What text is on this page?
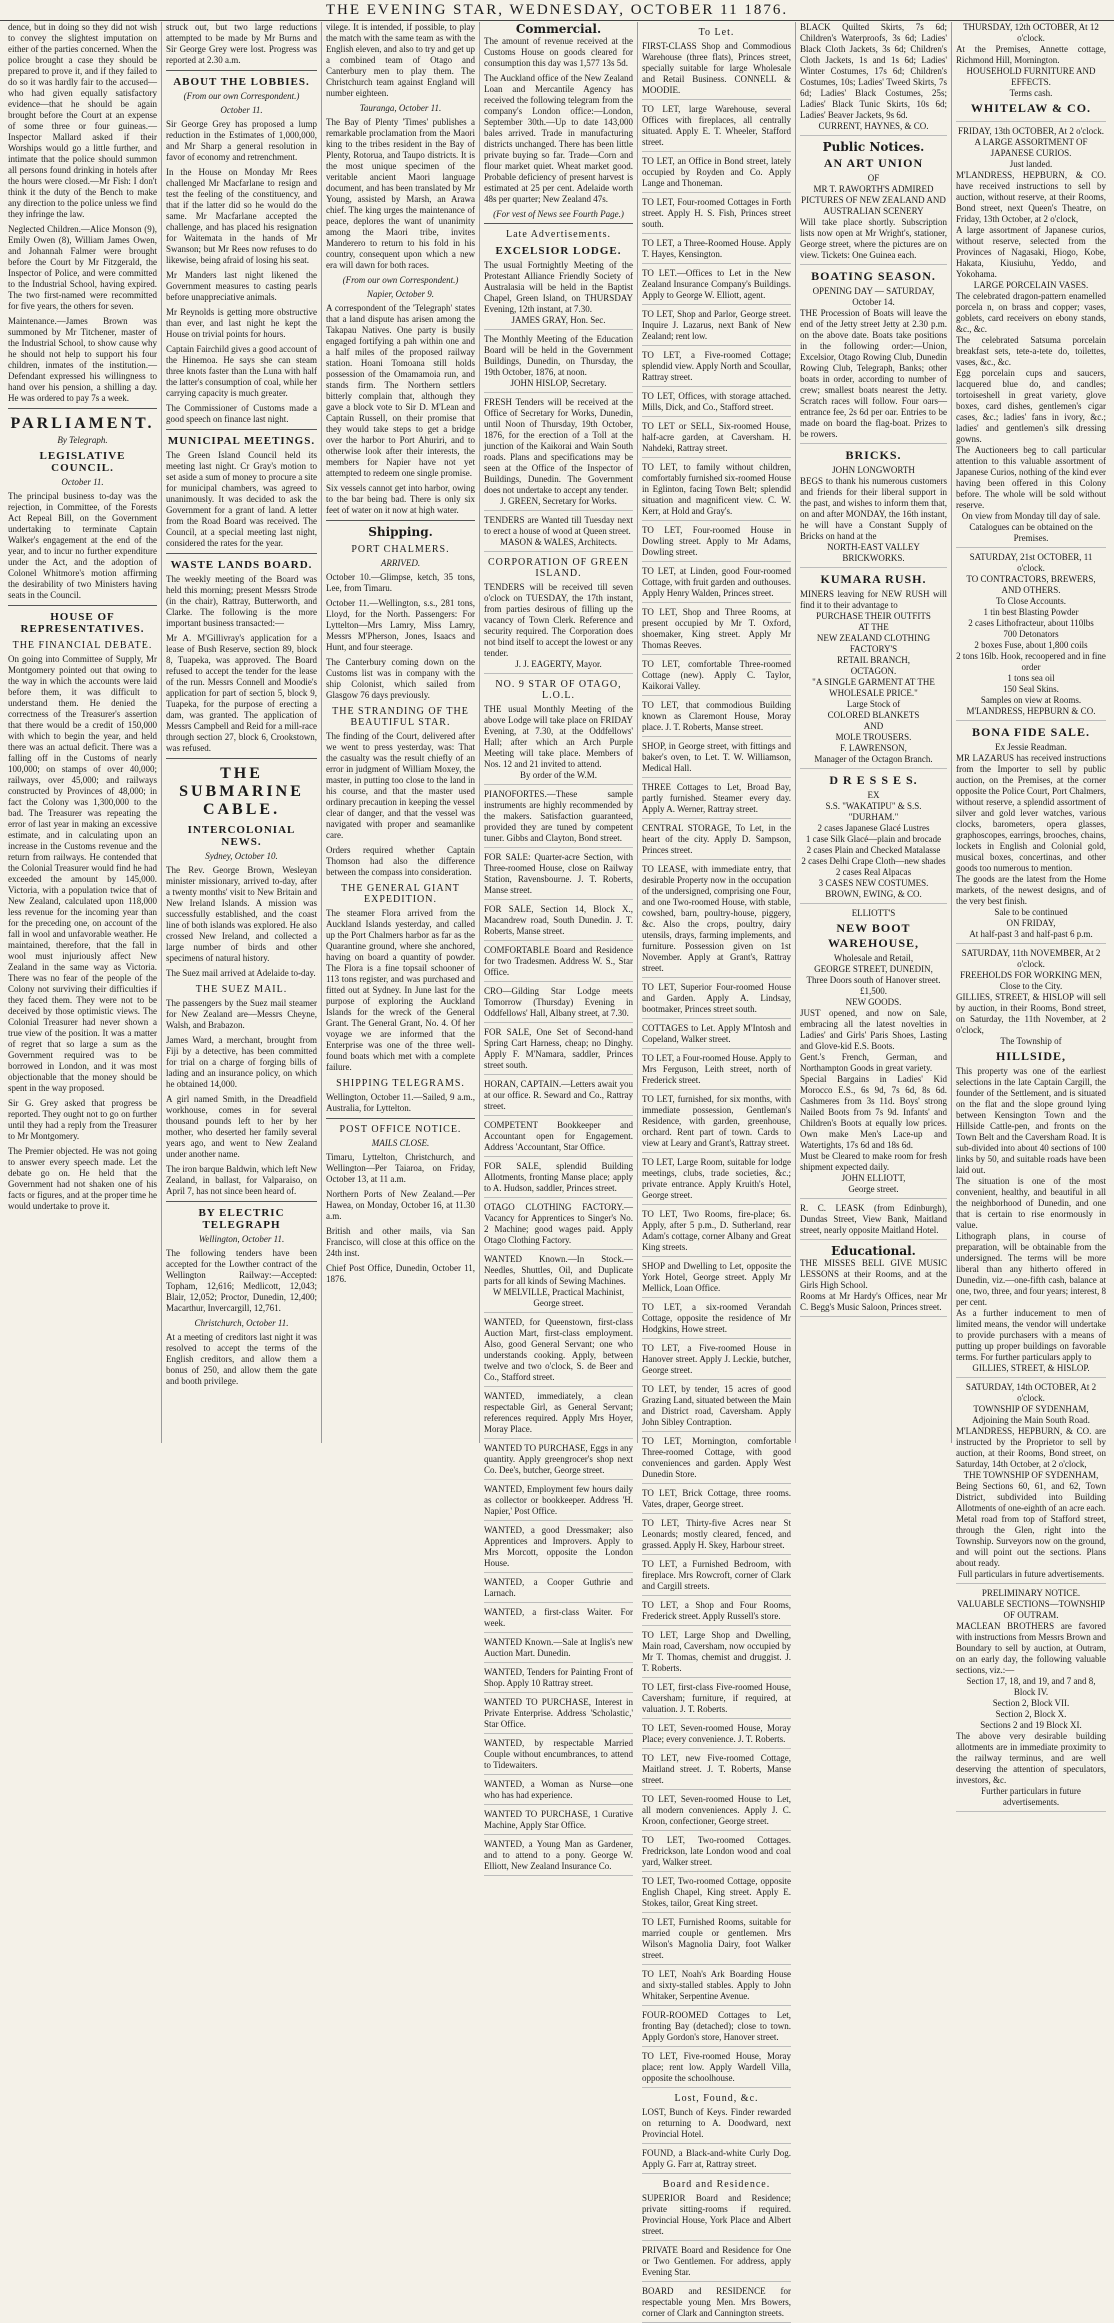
THE EVENING STAR, WEDNESDAY, OCTOBER 11 1876.

dence, but in doing so they did not wish to convey the slightest imputation on either of the parties concerned. When the police brought a case they should be prepared to prove it, and if they failed to do so it was hardly fair to the accused—who had given equally satisfactory evidence—that he should be again brought before the Court at an expense of some three or four guineas.—Inspector Mallard asked if their Worships would go a little further, and intimate that the police should summon all persons found drinking in hotels after the hours were closed.—Mr Fish: I don't think it the duty of the Bench to make any direction to the police unless we find they infringe the law.

Neglected Children.—Alice Monson (9), Emily Owen (8), William James Owen, and Johannah Falmer were brought before the Court by Mr Fitzgerald, the Inspector of Police, and were committed to the Industrial School, having expired. The two first-named were recommitted for five years, the others for seven.

Maintenance.—James Brown was summoned by Mr Titchener, master of the Industrial School, to show cause why he should not help to support his four children, inmates of the institution.—Defendant expressed his willingness to hand over his pension, a shilling a day. He was ordered to pay 7s a week.

PARLIAMENT.
By Telegraph.
LEGISLATIVE COUNCIL.
October 11.

The principal business to-day was the rejection, in Committee, of the Forests Act Repeal Bill, on the Government undertaking to terminate Captain Walker's engagement at the end of the year, and to incur no further expenditure under the Act, and the adoption of Colonel Whitmore's motion affirming the desirability of two Ministers having seats in the Council.

HOUSE OF REPRESENTATIVES.
THE FINANCIAL DEBATE.

On going into Committee of Supply, Mr Montgomery pointed out that owing to the way in which the accounts were laid before them, it was difficult to understand them. He denied the correctness of the Treasurer's assertion that there would be a credit of 150,000 with which to begin the year, and held there was an actual deficit. There was a falling off in the Customs of nearly 100,000; on stamps of over 40,000; railways, over 45,000; and railways constructed by Provinces of 48,000; in fact the Colony was 1,300,000 to the bad. The Treasurer was repeating the error of last year in making an excessive estimate, and in calculating upon an increase in the Customs revenue and the return from railways. He contended that the Colonial Treasurer would find he had exceeded the amount by 145,000. Victoria, with a population twice that of New Zealand, calculated upon 118,000 less revenue for the incoming year than for the preceding one, on account of the fall in wool and unfavorable weather. He maintained, therefore, that the fall in wool must injuriously affect New Zealand in the same way as Victoria. There was no fear of the people of the Colony not surviving their difficulties if they faced them. They were not to be deceived by those optimistic views. The Colonial Treasurer had never shown a true view of the position. It was a matter of regret that so large a sum as the Government required was to be borrowed in London, and it was most objectionable that the money should be spent in the way proposed.

Sir G. Grey asked that progress be reported. They ought not to go on further until they had a reply from the Treasurer to Mr Montgomery.

The Premier objected. He was not going to answer every speech made. Let the debate go on. He held that the Government had not shaken one of his facts or figures, and at the proper time he would undertake to prove it.

struck out, but two large reductions attempted to be made by Mr Burns and Sir George Grey were lost. Progress was reported at 2.30 a.m.

ABOUT THE LOBBIES.
(From our own Correspondent.)
October 11.

Sir George Grey has proposed a lump reduction in the Estimates of 1,000,000, and Mr Sharp a general resolution in favor of economy and retrenchment.

In the House on Monday Mr Rees challenged Mr Macfarlane to resign and test the feeling of the constituency, and that if the latter did so he would do the same. Mr Macfarlane accepted the challenge, and has placed his resignation for Waitemata in the hands of Mr Swanson; but Mr Rees now refuses to do likewise, being afraid of losing his seat.

Mr Manders last night likened the Government measures to casting pearls before unappreciative animals.

Mr Reynolds is getting more obstructive than ever, and last night he kept the House on trivial points for hours.

Captain Fairchild gives a good account of the Hinemoa. He says she can steam three knots faster than the Luna with half the latter's consumption of coal, while her carrying capacity is much greater.

The Commissioner of Customs made a good speech on finance last night.

MUNICIPAL MEETINGS.

The Green Island Council held its meeting last night. Cr Gray's motion to set aside a sum of money to procure a site for municipal chambers, was agreed to unanimously. It was decided to ask the Government for a grant of land. A letter from the Road Board was received. The Council, at a special meeting last night, considered the rates for the year.

WASTE LANDS BOARD.

The weekly meeting of the Board was held this morning; present Messrs Strode (in the chair), Rattray, Butterworth, and Clarke. The following is the more important business transacted:—

Mr A. M'Gillivray's application for a lease of Bush Reserve, section 89, block 8, Tuapeka, was approved. The Board refused to accept the tender for the lease of the run. Messrs Connell and Moodie's application for part of section 5, block 9, Tuapeka, for the purpose of erecting a dam, was granted. The application of Messrs Campbell and Reid for a mill-race through section 27, block 6, Crookstown, was refused.

THE SUBMARINE CABLE.
INTERCOLONIAL NEWS.
Sydney, October 10.

The Rev. George Brown, Wesleyan minister missionary, arrived to-day, after a twenty months' visit to New Britain and New Ireland Islands. A mission was successfully established, and the coast line of both islands was explored. He also crossed New Ireland, and collected a large number of birds and other specimens of natural history.

The Suez mail arrived at Adelaide to-day.

THE SUEZ MAIL.

The passengers by the Suez mail steamer for New Zealand are—Messrs Cheyne, Walsh, and Brabazon.

James Ward, a merchant, brought from Fiji by a detective, has been committed for trial on a charge of forging bills of lading and an insurance policy, on which he obtained 14,000.

A girl named Smith, in the Dreadfield workhouse, comes in for several thousand pounds left to her by her mother, who deserted her family several years ago, and went to New Zealand under another name.

The iron barque Baldwin, which left New Zealand, in ballast, for Valparaiso, on April 7, has not since been heard of.

BY ELECTRIC TELEGRAPH
Wellington, October 11.

The following tenders have been accepted for the Lowther contract of the Wellington Railway:—Accepted: Topham, 12,616; Medlicott, 12,043; Blair, 12,052; Proctor, Dunedin, 12,400; Macarthur, Invercargill, 12,761.

Christchurch, October 11.

At a meeting of creditors last night it was resolved to accept the terms of the English creditors, and allow them a bonus of 250, and allow them the gate and booth privilege.

vilege. It is intended, if possible, to play the match with the same team as with the English eleven, and also to try and get up a combined team of Otago and Canterbury men to play them. The Christchurch team against England will number eighteen.

Tauranga, October 11.

The Bay of Plenty 'Times' publishes a remarkable proclamation from the Maori king to the tribes resident in the Bay of Plenty, Rotorua, and Taupo districts. It is the most unique specimen of the veritable ancient Maori language document, and has been translated by Mr Young, assisted by Marsh, an Arawa chief. The king urges the maintenance of peace, deplores the want of unanimity among the Maori tribe, invites Manderero to return to his fold in his country, consequent upon which a new era will dawn for both races.

(From our own Correspondent.)
Napier, October 9.

A correspondent of the 'Telegraph' states that a land dispute has arisen among the Takapau Natives. One party is busily engaged fortifying a pah within one and a half miles of the proposed railway station. Hoani Tomoana still holds possession of the Omamamoia run, and stands firm. The Northern settlers bitterly complain that, although they gave a block vote to Sir D. M'Lean and Captain Russell, on their promise that they would take steps to get a bridge over the harbor to Port Ahuriri, and to otherwise look after their interests, the members for Napier have not yet attempted to redeem one single promise.

Six vessels cannot get into harbor, owing to the bar being bad. There is only six feet of water on it now at high water.

Shipping.
PORT CHALMERS.
ARRIVED.

October 10.—Glimpse, ketch, 35 tons, Lee, from Timaru.

October 11.—Wellington, s.s., 281 tons, Lloyd, for the North. Passengers: For Lyttelton—Mrs Lamry, Miss Lamry, Messrs M'Pherson, Jones, Isaacs and Hunt, and four steerage.

The Canterbury coming down on the Customs list was in company with the ship Colonist, which sailed from Glasgow 76 days previously.

THE STRANDING OF THE BEAUTIFUL STAR.

The finding of the Court, delivered after we went to press yesterday, was: That the casualty was the result chiefly of an error in judgment of William Moxey, the master, in putting too close to the land in his course, and that the master used ordinary precaution in keeping the vessel clear of danger, and that the vessel was navigated with proper and seamanlike care.

Orders required whether Captain Thomson had also the difference between the compass into consideration.

THE GENERAL GIANT EXPEDITION.

The steamer Flora arrived from the Auckland Islands yesterday, and called up the Port Chalmers harbor as far as the Quarantine ground, where she anchored, having on board a quantity of powder. The Flora is a fine topsail schooner of 113 tons register, and was purchased and fitted out at Sydney. In June last for the purpose of exploring the Auckland Islands for the wreck of the General Grant. The General Grant, No. 4. Of her voyage we are informed that the Enterprise was one of the three well-found boats which met with a complete failure.

SHIPPING TELEGRAMS.

Wellington, October 11.—Sailed, 9 a.m., Australia, for Lyttelton.

POST OFFICE NOTICE.
MAILS CLOSE.

Timaru, Lyttelton, Christchurch, and Wellington—Per Taiaroa, on Friday, October 13, at 11 a.m.

Northern Ports of New Zealand.—Per Hawea, on Monday, October 16, at 11.30 a.m.

British and other mails, via San Francisco, will close at this office on the 24th inst.

Chief Post Office, Dunedin, October 11, 1876.

Commercial.

The amount of revenue received at the Customs House on goods cleared for consumption this day was 1,577 13s 5d.

The Auckland office of the New Zealand Loan and Mercantile Agency has received the following telegram from the company's London office:—London, September 30th.—Up to date 143,000 bales arrived. Trade in manufacturing districts unchanged. There has been little private buying so far. Trade—Corn and flour market quiet. Wheat market good. Probable deficiency of present harvest is estimated at 25 per cent. Adelaide worth 48s per quarter; New Zealand 47s.

(For vest of News see Fourth Page.)
Late Advertisements.
EXCELSIOR LODGE.
The usual Fortnightly Meeting of the Protestant Alliance Friendly Society of Australasia will be held in the Baptist Chapel, Green Island, on THURSDAY Evening, 12th instant, at 7.30.
JAMES GRAY, Hon. Sec.
The Monthly Meeting of the Education Board will be held in the Government Buildings, Dunedin, on Thursday, the 19th October, 1876, at noon.
JOHN HISLOP, Secretary.
FRESH Tenders will be received at the Office of Secretary for Works, Dunedin, until Noon of Thursday, 19th October, 1876, for the erection of a Toll at the junction of the Kaikorai and Wain South roads. Plans and specifications may be seen at the Office of the Inspector of Buildings, Dunedin. The Government does not undertake to accept any tender.
J. GREEN, Secretary for Works.
TENDERS are Wanted till Tuesday next to erect a house of wood at Queen street.
MASON & WALES, Architects.
CORPORATION OF GREEN ISLAND.
TENDERS will be received till seven o'clock on TUESDAY, the 17th instant, from parties desirous of filling up the vacancy of Town Clerk. Reference and security required. The Corporation does not bind itself to accept the lowest or any tender.
J. J. EAGERTY, Mayor.
NO. 9 STAR OF OTAGO, L.O.L.
THE usual Monthly Meeting of the above Lodge will take place on FRIDAY Evening, at 7.30, at the Oddfellows' Hall; after which an Arch Purple Meeting will take place. Members of Nos. 12 and 21 invited to attend.
By order of the W.M.
PIANOFORTES.—These sample instruments are highly recommended by the makers. Satisfaction guaranteed, provided they are tuned by competent tuner. Gibbs and Clayton, Bond street.
FOR SALE: Quarter-acre Section, with Three-roomed House, close on Railway Station, Ravensbourne. J. T. Roberts, Manse street.
FOR SALE, Section 14, Block X., Macandrew road, South Dunedin. J. T. Roberts, Manse street.
COMFORTABLE Board and Residence for two Tradesmen. Address W. S., Star Office.
CRO—Gilding Star Lodge meets Tomorrow (Thursday) Evening in Oddfellows' Hall, Albany street, at 7.30.
FOR SALE, One Set of Second-hand Spring Cart Harness, cheap; no Dinghy. Apply F. M'Namara, saddler, Princes street south.
HORAN, CAPTAIN.—Letters await you at our office. R. Seward and Co., Rattray street.
COMPETENT Bookkeeper and Accountant open for Engagement. Address 'Accountant, Star Office.
FOR SALE, splendid Building Allotments, fronting Manse place; apply to A. Hudson, saddler, Princes street.
OTAGO CLOTHING FACTORY.—Vacancy for Apprentices to Singer's No. 2 Machine; good wages paid. Apply Otago Clothing Factory.
WANTED Known.—In Stock.—Needles, Shuttles, Oil, and Duplicate parts for all kinds of Sewing Machines.
W MELVILLE, Practical Machinist, George street.
WANTED, for Queenstown, first-class Auction Mart, first-class employment. Also, good General Servant; one who understands cooking. Apply, between twelve and two o'clock, S. de Beer and Co., Stafford street.
WANTED, immediately, a clean respectable Girl, as General Servant; references required. Apply Mrs Hoyer, Moray Place.
WANTED TO PURCHASE, Eggs in any quantity. Apply greengrocer's shop next Co. Dee's, butcher, George street.
WANTED, Employment few hours daily as collector or bookkeeper. Address 'H. Napier,' Post Office.
WANTED, a good Dressmaker; also Apprentices and Improvers. Apply to Mrs Morcott, opposite the London House.
WANTED, a Cooper Guthrie and Larnach.
WANTED, a first-class Waiter. For week.
WANTED Known.—Sale at Inglis's new Auction Mart. Dunedin.
WANTED, Tenders for Painting Front of Shop. Apply 10 Rattray street.
WANTED TO PURCHASE, Interest in Private Enterprise. Address 'Scholastic,' Star Office.
WANTED, by respectable Married Couple without encumbrances, to attend to Tidewaiters.
WANTED, a Woman as Nurse—one who has had experience.
WANTED TO PURCHASE, 1 Curative Machine, Apply Star Office.
WANTED, a Young Man as Gardener, and to attend to a pony. George W. Elliott, New Zealand Insurance Co.
To Let.
FIRST-CLASS Shop and Commodious Warehouse (three flats), Princes street, specially suitable for large Wholesale and Retail Business. CONNELL & MOODIE.
TO LET, large Warehouse, several Offices with fireplaces, all centrally situated. Apply E. T. Wheeler, Stafford street.
TO LET, an Office in Bond street, lately occupied by Royden and Co. Apply Lange and Thoneman.
TO LET, Four-roomed Cottages in Forth street. Apply H. S. Fish, Princes street south.
TO LET, a Three-Roomed House. Apply T. Hayes, Kensington.
TO LET.—Offices to Let in the New Zealand Insurance Company's Buildings. Apply to George W. Elliott, agent.
TO LET, Shop and Parlor, George street. Inquire J. Lazarus, next Bank of New Zealand; rent low.
TO LET, a Five-roomed Cottage; splendid view. Apply North and Scoullar, Rattray street.
TO LET, Offices, with storage attached. Mills, Dick, and Co., Stafford street.
TO LET or SELL, Six-roomed House, half-acre garden, at Caversham. H. Nahdeki, Rattray street.
TO LET, to family without children, comfortably furnished six-roomed House in Eglinton, facing Town Belt; splendid situation and magnificent view. C. W. Kerr, at Hold and Gray's.
TO LET, Four-roomed House in Dowling street. Apply to Mr Adams, Dowling street.
TO LET, at Linden, good Four-roomed Cottage, with fruit garden and outhouses. Apply Henry Walden, Princes street.
TO LET, Shop and Three Rooms, at present occupied by Mr T. Oxford, shoemaker, King street. Apply Mr Thomas Reeves.
TO LET, comfortable Three-roomed Cottage (new). Apply C. Taylor, Kaikorai Valley.
TO LET, that commodious Building known as Claremont House, Moray place. J. T. Roberts, Manse street.
SHOP, in George street, with fittings and baker's oven, to Let. T. W. Williamson, Medical Hall.
THREE Cottages to Let, Broad Bay, partly furnished. Steamer every day. Apply A. Werner, Rattray street.
CENTRAL STORAGE, To Let, in the heart of the city. Apply D. Sampson, Princes street.
TO LEASE, with immediate entry, that desirable Property now in the occupation of the undersigned, comprising one Four, and one Two-roomed House, with stable, cowshed, barn, poultry-house, piggery, &c. Also the crops, poultry, dairy utensils, drays, farming implements, and furniture. Possession given on 1st November. Apply at Grant's, Rattray street.
TO LET, Superior Four-roomed House and Garden. Apply A. Lindsay, bootmaker, Princes street south.
COTTAGES to Let. Apply M'Intosh and Copeland, Walker street.
TO LET, a Four-roomed House. Apply to Mrs Ferguson, Leith street, north of Frederick street.
TO LET, furnished, for six months, with immediate possession, Gentleman's Residence, with garden, greenhouse, orchard. Rent part of town. Cards to view at Leary and Grant's, Rattray street.
TO LET, Large Room, suitable for lodge meetings, clubs, trade societies, &c.; private entrance. Apply Kruith's Hotel, George street.
TO LET, Two Rooms, fire-place; 6s. Apply, after 5 p.m., D. Sutherland, rear Adam's cottage, corner Albany and Great King streets.
SHOP and Dwelling to Let, opposite the York Hotel, George street. Apply Mr Mellick, Loan Office.
TO LET, a six-roomed Verandah Cottage, opposite the residence of Mr Hodgkins, Howe street.
TO LET, a Five-roomed House in Hanover street. Apply J. Leckie, butcher, George street.
TO LET, by tender, 15 acres of good Grazing Land, situated between the Main and District road, Caversham. Apply John Sibley Contraption.
TO LET, Mornington, comfortable Three-roomed Cottage, with good conveniences and garden. Apply West Dunedin Store.
TO LET, Brick Cottage, three rooms. Vates, draper, George street.
TO LET, Thirty-five Acres near St Leonards; mostly cleared, fenced, and grassed. Apply H. Skey, Harbour street.
TO LET, a Furnished Bedroom, with fireplace. Mrs Rowcroft, corner of Clark and Cargill streets.
TO LET, a Shop and Four Rooms, Frederick street. Apply Russell's store.
TO LET, Large Shop and Dwelling, Main road, Caversham, now occupied by Mr T. Thomas, chemist and druggist. J. T. Roberts.
TO LET, first-class Five-roomed House, Caversham; furniture, if required, at valuation. J. T. Roberts.
TO LET, Seven-roomed House, Moray Place; every convenience. J. T. Roberts.
TO LET, new Five-roomed Cottage, Maitland street. J. T. Roberts, Manse street.
TO LET, Seven-roomed House to Let, all modern conveniences. Apply J. C. Kroon, confectioner, George street.
TO LET, Two-roomed Cottages. Fredrickson, late London wood and coal yard, Walker street.
TO LET, Two-roomed Cottage, opposite English Chapel, King street. Apply E. Stokes, tailor, Great King street.
TO LET, Furnished Rooms, suitable for married couple or gentlemen. Mrs Wilson's Magnolia Dairy, foot Walker street.
TO LET, Noah's Ark Boarding House and sixty-stalled stables. Apply to John Whitaker, Serpentine Avenue.
FOUR-ROOMED Cottages to Let, fronting Bay (detached); close to town. Apply Gordon's store, Hanover street.
TO LET, Five-roomed House, Moray place; rent low. Apply Wardell Villa, opposite the schoolhouse.
Lost, Found, &c.
LOST, Bunch of Keys. Finder rewarded on returning to A. Doodward, next Provincial Hotel.
FOUND, a Black-and-white Curly Dog. Apply G. Farr at, Rattray street.
Board and Residence.
SUPERIOR Board and Residence; private sitting-rooms if required. Provincial House, York Place and Albert street.
PRIVATE Board and Residence for One or Two Gentlemen. For address, apply Evening Star.
BOARD and RESIDENCE for respectable young Men. Mrs Bowers, corner of Clark and Cannington streets.
BLACK Quilted Skirts, 7s 6d; Children's Waterproofs, 3s 6d; Ladies' Black Cloth Jackets, 3s 6d; Children's Cloth Jackets, 1s and 1s 6d; Ladies' Winter Costumes, 17s 6d; Children's Costumes, 10s; Ladies' Tweed Skirts, 7s 6d; Ladies' Black Costumes, 25s; Ladies' Black Tunic Skirts, 10s 6d; Ladies' Beaver Jackets, 9s 6d.
CURRENT, HAYNES, & CO.
Public Notices.
AN ART UNION
OF
MR T. RAWORTH'S ADMIRED PICTURES OF NEW ZEALAND AND AUSTRALIAN SCENERY
Will take place shortly. Subscription lists now open at Mr Wright's, stationer, George street, where the pictures are on view. Tickets: One Guinea each.
BOATING SEASON.
OPENING DAY — SATURDAY, October 14.
THE Procession of Boats will leave the end of the Jetty street Jetty at 2.30 p.m. on the above date. Boats take positions in the following order:—Union, Excelsior, Otago Rowing Club, Dunedin Rowing Club, Telegraph, Banks; other boats in order, according to number of crew; smallest boats nearest the Jetty. Scratch races will follow. Four oars—entrance fee, 2s 6d per oar. Entries to be made on board the flag-boat. Prizes to be rowers.
BRICKS.
JOHN LONGWORTH
BEGS to thank his numerous customers and friends for their liberal support in the past, and wishes to inform them that, on and after MONDAY, the 16th instant, he will have a Constant Supply of Bricks on hand at the
NORTH-EAST VALLEY BRICKWORKS.
KUMARA RUSH.
MINERS leaving for NEW RUSH will find it to their advantage to
PURCHASE THEIR OUTFITS
AT THE
NEW ZEALAND CLOTHING FACTORY'S
RETAIL BRANCH,
OCTAGON.
"A SINGLE GARMENT AT THE WHOLESALE PRICE."
Large Stock of
COLORED BLANKETS
AND
MOLE TROUSERS.
F. LAWRENSON,
Manager of the Octagon Branch.
D R E S S E S.
EX
S.S. "WAKATIPU" & S.S. "DURHAM."
2 cases Japanese Glacé Lustres
1 case Silk Glacé—plain and brocade
2 cases Plain and Checked Matalasse
2 cases Delhi Crape Cloth—new shades
2 cases Real Alpacas
3 CASES NEW COSTUMES.
BROWN, EWING, & CO.
ELLIOTT'S
NEW BOOT WAREHOUSE,
Wholesale and Retail,
GEORGE STREET, DUNEDIN,
Three Doors south of Hanover street.
£1,500.
NEW GOODS.
JUST opened, and now on Sale, embracing all the latest novelties in Ladies' and Girls' Paris Shoes, Lasting and Glove-kid E.S. Boots.
Gent.'s French, German, and Northampton Goods in great variety.
Special Bargains in Ladies' Kid Morocco E.S., 6s 9d, 7s 6d, 8s 6d. Cashmeres from 3s 11d. Boys' strong Nailed Boots from 7s 9d. Infants' and Children's Boots at equally low prices. Own make Men's Lace-up and Watertights, 17s 6d and 18s 6d.
Must be Cleared to make room for fresh shipment expected daily.
JOHN ELLIOTT,
George street.
R. C. LEASK (from Edinburgh), Dundas Street, View Bank, Maitland street, nearly opposite Maitland Hotel.
Educational.
THE MISSES BELL GIVE MUSIC LESSONS at their Rooms, and at the Girls High School.
Rooms at Mr Hardy's Offices, near Mr C. Begg's Music Saloon, Princes street.
THURSDAY, 12th OCTOBER, At 12 o'clock.
At the Premises, Annette cottage, Richmond Hill, Mornington.
HOUSEHOLD FURNITURE AND EFFECTS.
Terms cash.
WHITELAW & CO.
FRIDAY, 13th OCTOBER, At 2 o'clock.
A LARGE ASSORTMENT OF JAPANESE CURIOS.
Just landed.
M'LANDRESS, HEPBURN, & CO. have received instructions to sell by auction, without reserve, at their Rooms, Bond street, next Queen's Theatre, on Friday, 13th October, at 2 o'clock,
A large assortment of Japanese curios, without reserve, selected from the Provinces of Nagasaki, Hiogo, Kobe, Hakata, Kiusiuhu, Yeddo, and Yokohama.
LARGE PORCELAIN VASES.
The celebrated dragon-pattern enamelled porcela n, on brass and copper; vases, goblets, card receivers on ebony stands, &c., &c.
The celebrated Satsuma porcelain breakfast sets, tete-a-tete do, toilettes, vases, &c., &c.
Egg porcelain cups and saucers, lacquered blue do, and candles; tortoiseshell in great variety, glove boxes, card dishes, gentlemen's cigar cases, &c.; ladies' fans in ivory, &c.; ladies' and gentlemen's silk dressing gowns.
The Auctioneers beg to call particular attention to this valuable assortment of Japanese Curios, nothing of the kind ever having been offered in this Colony before. The whole will be sold without reserve.
On view from Monday till day of sale.
Catalogues can be obtained on the Premises.
SATURDAY, 21st OCTOBER, 11 o'clock.
TO CONTRACTORS, BREWERS, AND OTHERS.
To Close Accounts.
1 tin best Blasting Powder
2 cases Lithofracteur, about 110lbs
700 Detonators
2 boxes Fuse, about 1,800 coils
2 tons 16lb. Hook, recoopered and in fine order
1 tons sea oil
150 Seal Skins.
Samples on view at Rooms.
M'LANDRESS, HEPBURN & CO.
BONA FIDE SALE.
Ex Jessie Readman.
MR LAZARUS has received instructions from the Importer to sell by public auction, on the Premises, at the corner opposite the Police Court, Port Chalmers, without reserve, a splendid assortment of silver and gold lever watches, various clocks, barometers, opera glasses, graphoscopes, earrings, brooches, chains, lockets in English and Colonial gold, musical boxes, concertinas, and other goods too numerous to mention.
The goods are the latest from the Home markets, of the newest designs, and of the very best finish.
Sale to be continued
ON FRIDAY,
At half-past 3 and half-past 6 p.m.
SATURDAY, 11th NOVEMBER, At 2 o'clock.
FREEHOLDS FOR WORKING MEN, Close to the City.
GILLIES, STREET, & HISLOP will sell by auction, in their Rooms, Bond street, on Saturday, the 11th November, at 2 o'clock,
The Township of
HILLSIDE,
This property was one of the earliest selections in the late Captain Cargill, the founder of the Settlement, and is situated on the flat and the slope ground lying between Kensington Town and the Hillside Cattle-pen, and fronts on the Town Belt and the Caversham Road. It is sub-divided into about 40 sections of 100 links by 50, and suitable roads have been laid out.
The situation is one of the most convenient, healthy, and beautiful in all the neighborhood of Dunedin, and one that is certain to rise enormously in value.
Lithograph plans, in course of preparation, will be obtainable from the undersigned. The terms will be more liberal than any hitherto offered in Dunedin, viz.—one-fifth cash, balance at one, two, three, and four years; interest, 8 per cent.
As a further inducement to men of limited means, the vendor will undertake to provide purchasers with a means of putting up proper buildings on favorable terms. For further particulars apply to
GILLIES, STREET, & HISLOP.
SATURDAY, 14th OCTOBER, At 2 o'clock.
TOWNSHIP OF SYDENHAM,
Adjoining the Main South Road.
M'LANDRESS, HEPBURN, & CO. are instructed by the Proprietor to sell by auction, at their Rooms, Bond street, on Saturday, 14th October, at 2 o'clock,
THE TOWNSHIP OF SYDENHAM,
Being Sections 60, 61, and 62, Town District, subdivided into Building Allotments of one-eighth of an acre each.
Metal road from top of Stafford street, through the Glen, right into the Township. Surveyors now on the ground, and will point out the sections. Plans about ready.
Full particulars in future advertisements.
PRELIMINARY NOTICE.
VALUABLE SECTIONS—TOWNSHIP OF OUTRAM.
MACLEAN BROTHERS are favored with instructions from Messrs Brown and Boundary to sell by auction, at Outram, on an early day, the following valuable sections, viz.:—
Section 17, 18, and 19, and 7 and 8, Block IV.
Section 2, Block VII.
Section 2, Block X.
Sections 2 and 19 Block XI.
The above very desirable building allotments are in immediate proximity to the railway terminus, and are well deserving the attention of speculators, investors, &c.
Further particulars in future advertisements.
